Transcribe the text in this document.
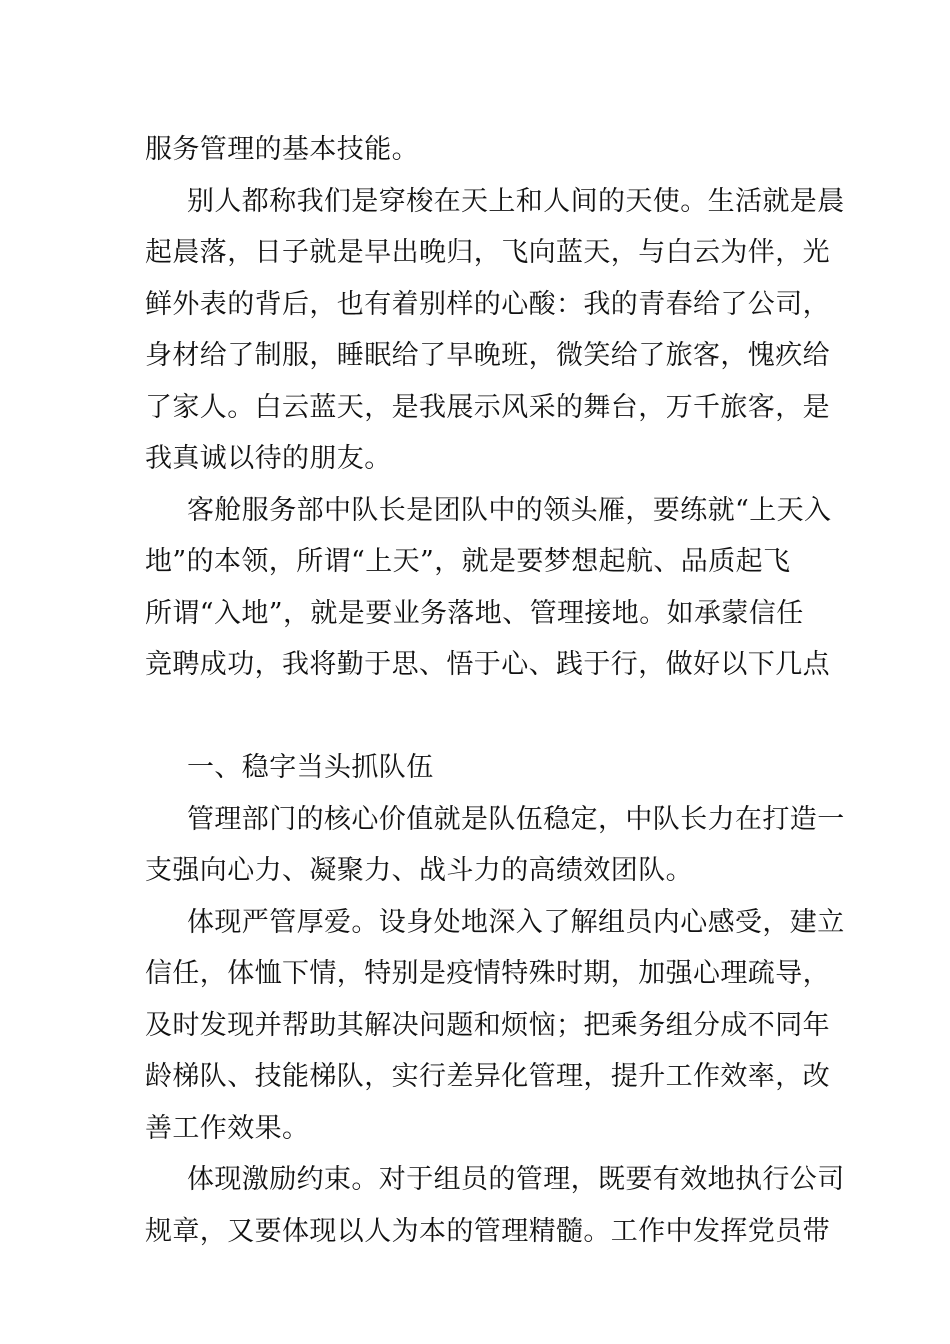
服务管理的基本技能。
别人都称我们是穿梭在天上和人间的天使。生活就是晨
起晨落，日子就是早出晚归，飞向蓝天，与白云为伴，光
鲜外表的背后，也有着别样的心酸：我的青春给了公司，
身材给了制服，睡眠给了早晚班，微笑给了旅客，愧疚给
了家人。白云蓝天，是我展示风采的舞台，万千旅客，是
我真诚以待的朋友。
客舱服务部中队长是团队中的领头雁，要练就“上天入
地”的本领，所谓“上天”，就是要梦想起航、品质起飞
所谓“入地”，就是要业务落地、管理接地。如承蒙信任
竞聘成功，我将勤于思、悟于心、践于行，做好以下几点
一、稳字当头抓队伍
管理部门的核心价值就是队伍稳定，中队长力在打造一
支强向心力、凝聚力、战斗力的高绩效团队。
体现严管厚爱。设身处地深入了解组员内心感受，建立
信任，体恤下情，特别是疫情特殊时期，加强心理疏导，
及时发现并帮助其解决问题和烦恼；把乘务组分成不同年
龄梯队、技能梯队，实行差异化管理，提升工作效率，改
善工作效果。
体现激励约束。对于组员的管理，既要有效地执行公司
规章，又要体现以人为本的管理精髓。工作中发挥党员带
